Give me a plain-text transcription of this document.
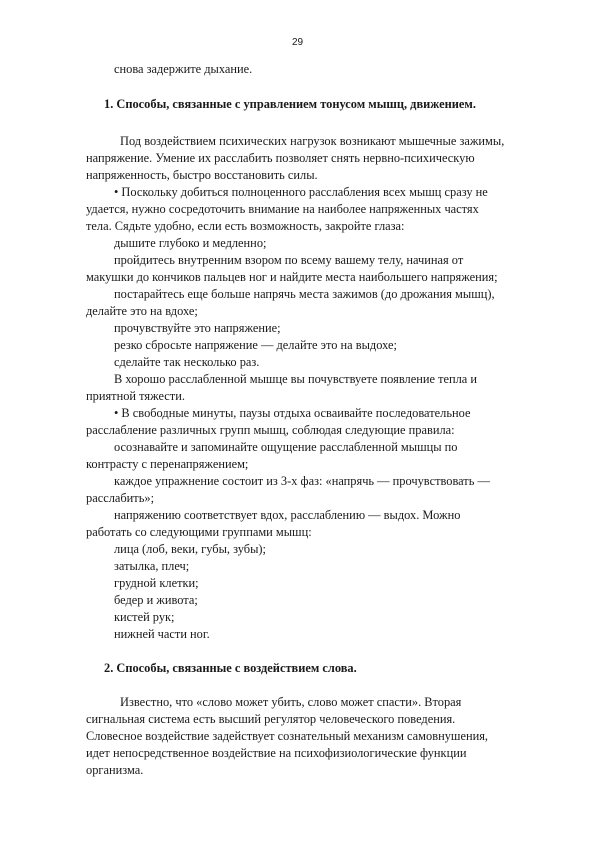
29
снова задержите дыхание.
1. Способы, связанные с управлением тонусом мышц, движением.
Под воздействием психических нагрузок возникают мышечные зажимы,
напряжение. Умение их расслабить позволяет снять нервно-психическую
напряженность, быстро восстановить силы.
• Поскольку добиться полноценного расслабления всех мышц сразу не
удается, нужно сосредоточить внимание на наиболее напряженных частях
тела. Сядьте удобно, если есть возможность, закройте глаза:
дышите глубоко и медленно;
пройдитесь внутренним взором по всему вашему телу, начиная от
макушки до кончиков пальцев ног и найдите места наибольшего напряжения;
постарайтесь еще больше напрячь места зажимов (до дрожания мышц),
делайте это на вдохе;
прочувствуйте это напряжение;
резко сбросьте напряжение — делайте это на выдохе;
сделайте так несколько раз.
В хорошо расслабленной мышце вы почувствуете появление тепла и
приятной тяжести.
• В свободные минуты, паузы отдыха осваивайте последовательное
расслабление различных групп мышц, соблюдая следующие правила:
осознавайте и запоминайте ощущение расслабленной мышцы по
контрасту с перенапряжением;
каждое упражнение состоит из 3-х фаз: «напрячь — прочувствовать —
расслабить»;
напряжению соответствует вдох, расслаблению — выдох. Можно
работать со следующими группами мышц:
лица (лоб, веки, губы, зубы);
затылка, плеч;
грудной клетки;
бедер и живота;
кистей рук;
нижней части ног.
2. Способы, связанные с воздействием слова.
Известно, что «слово может убить, слово может спасти». Вторая
сигнальная система есть высший регулятор человеческого поведения.
Словесное воздействие задействует сознательный механизм самовнушения,
идет непосредственное воздействие на психофизиологические функции
организма.
